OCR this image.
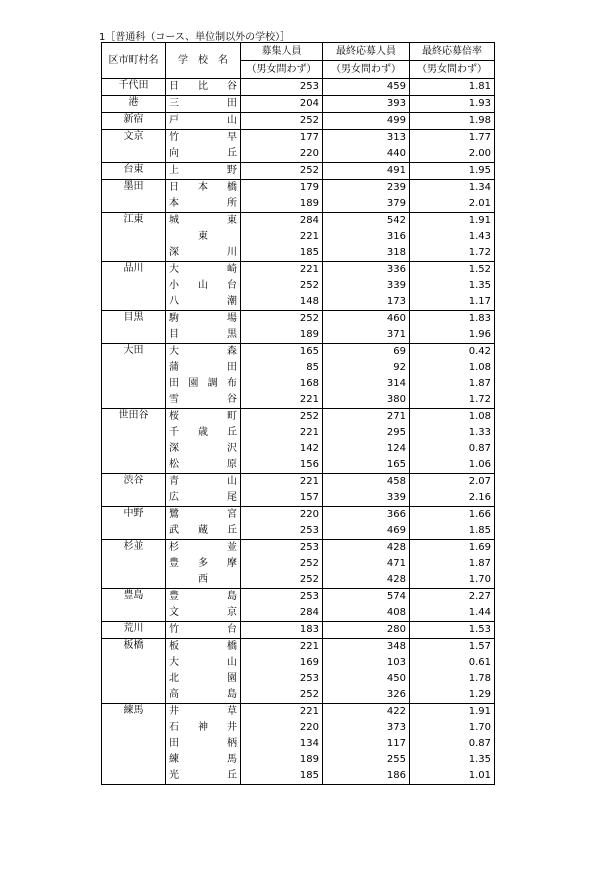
1［普通科（コース、単位制以外の学校）］
区市町村名	学　校　名	募集人員	最終応募人員	最終応募倍率
		（男女問わず）	（男女問わず）	（男女問わず）
千代田	日比谷	253	459	1.81
港	三田	204	393	1.93
新宿	戸山	252	499	1.98
文京	竹早	177	313	1.77
	向丘	220	440	2.00
台東	上野	252	491	1.95
墨田	日本橋	179	239	1.34
	本所	189	379	2.01
江東	城東	284	542	1.91
	東	221	316	1.43
	深川	185	318	1.72
品川	大崎	221	336	1.52
	小山台	252	339	1.35
	八潮	148	173	1.17
目黒	駒場	252	460	1.83
	目黒	189	371	1.96
大田	大森	165	69	0.42
	蒲田	85	92	1.08
	田園調布	168	314	1.87
	雪谷	221	380	1.72
世田谷	桜町	252	271	1.08
	千歳丘	221	295	1.33
	深沢	142	124	0.87
	松原	156	165	1.06
渋谷	青山	221	458	2.07
	広尾	157	339	2.16
中野	鷺宮	220	366	1.66
	武蔵丘	253	469	1.85
杉並	杉並	253	428	1.69
	豊多摩	252	471	1.87
	西	252	428	1.70
豊島	豊島	253	574	2.27
	文京	284	408	1.44
荒川	竹台	183	280	1.53
板橋	板橋	221	348	1.57
	大山	169	103	0.61
	北園	253	450	1.78
	高島	252	326	1.29
練馬	井草	221	422	1.91
	石神井	220	373	1.70
	田柄	134	117	0.87
	練馬	189	255	1.35
	光丘	185	186	1.01
